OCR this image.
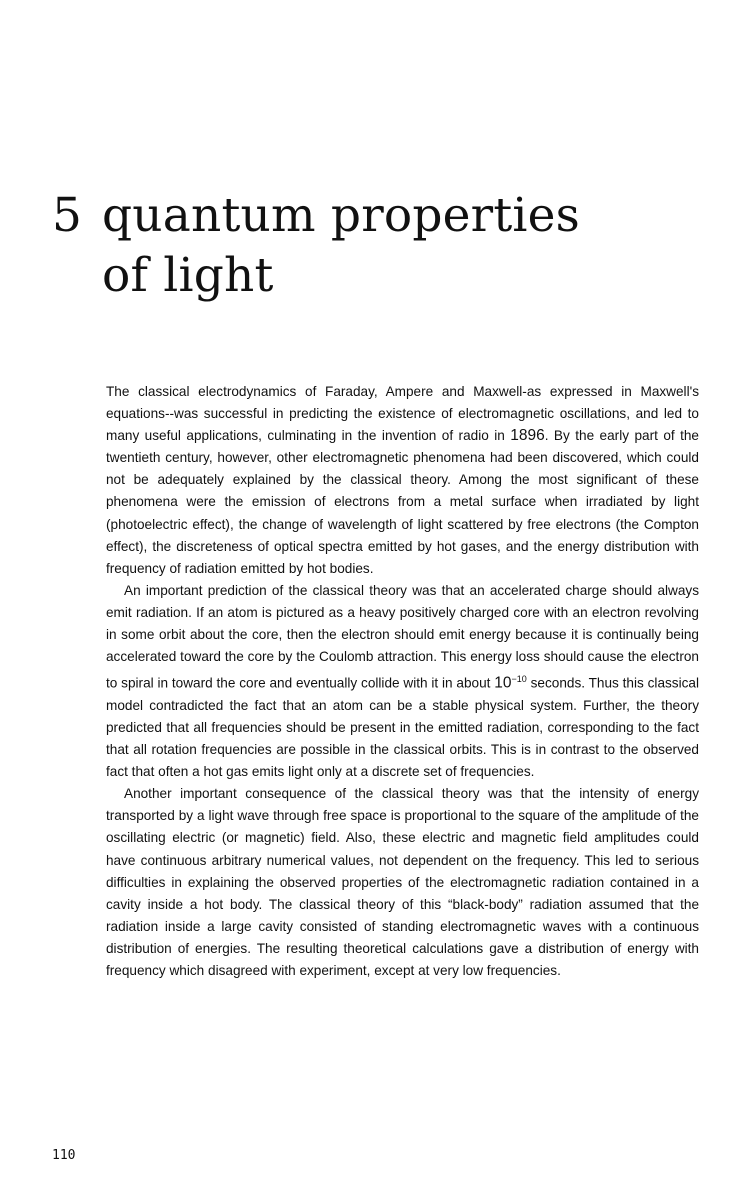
5 quantum properties
of light

The classical electrodynamics of Faraday, Ampere and Maxwell-as expressed in Maxwell's equations--was successful in predicting the existence of electromagnetic oscillations, and led to many useful applications, culminating in the invention of radio in 1896. By the early part of the twentieth century, however, other electromagnetic phenomena had been discovered, which could not be adequately explained by the classical theory. Among the most significant of these phenomena were the emission of electrons from a metal surface when irradiated by light (photoelectric effect), the change of wavelength of light scattered by free electrons (the Compton effect), the discreteness of optical spectra emitted by hot gases, and the energy distribution with frequency of radiation emitted by hot bodies.

An important prediction of the classical theory was that an accelerated charge should always emit radiation. If an atom is pictured as a heavy positively charged core with an electron revolving in some orbit about the core, then the electron should emit energy because it is continually being accelerated toward the core by the Coulomb attraction. This energy loss should cause the electron to spiral in toward the core and eventually collide with it in about $10^{-10}$ seconds. Thus this classical model contradicted the fact that an atom can be a stable physical system. Further, the theory predicted that all frequencies should be present in the emitted radiation, corresponding to the fact that all rotation frequencies are possible in the classical orbits. This is in contrast to the observed fact that often a hot gas emits light only at a discrete set of frequencies.

Another important consequence of the classical theory was that the intensity of energy transported by a light wave through free space is proportional to the square of the amplitude of the oscillating electric (or magnetic) field. Also, these electric and magnetic field amplitudes could have continuous arbitrary numerical values, not dependent on the frequency. This led to serious difficulties in explaining the observed properties of the electromagnetic radiation contained in a cavity inside a hot body. The classical theory of this “black-body” radiation assumed that the radiation inside a large cavity consisted of standing electromagnetic waves with a continuous distribution of energies. The resulting theoretical calculations gave a distribution of energy with frequency which disagreed with experiment, except at very low frequencies.

110
